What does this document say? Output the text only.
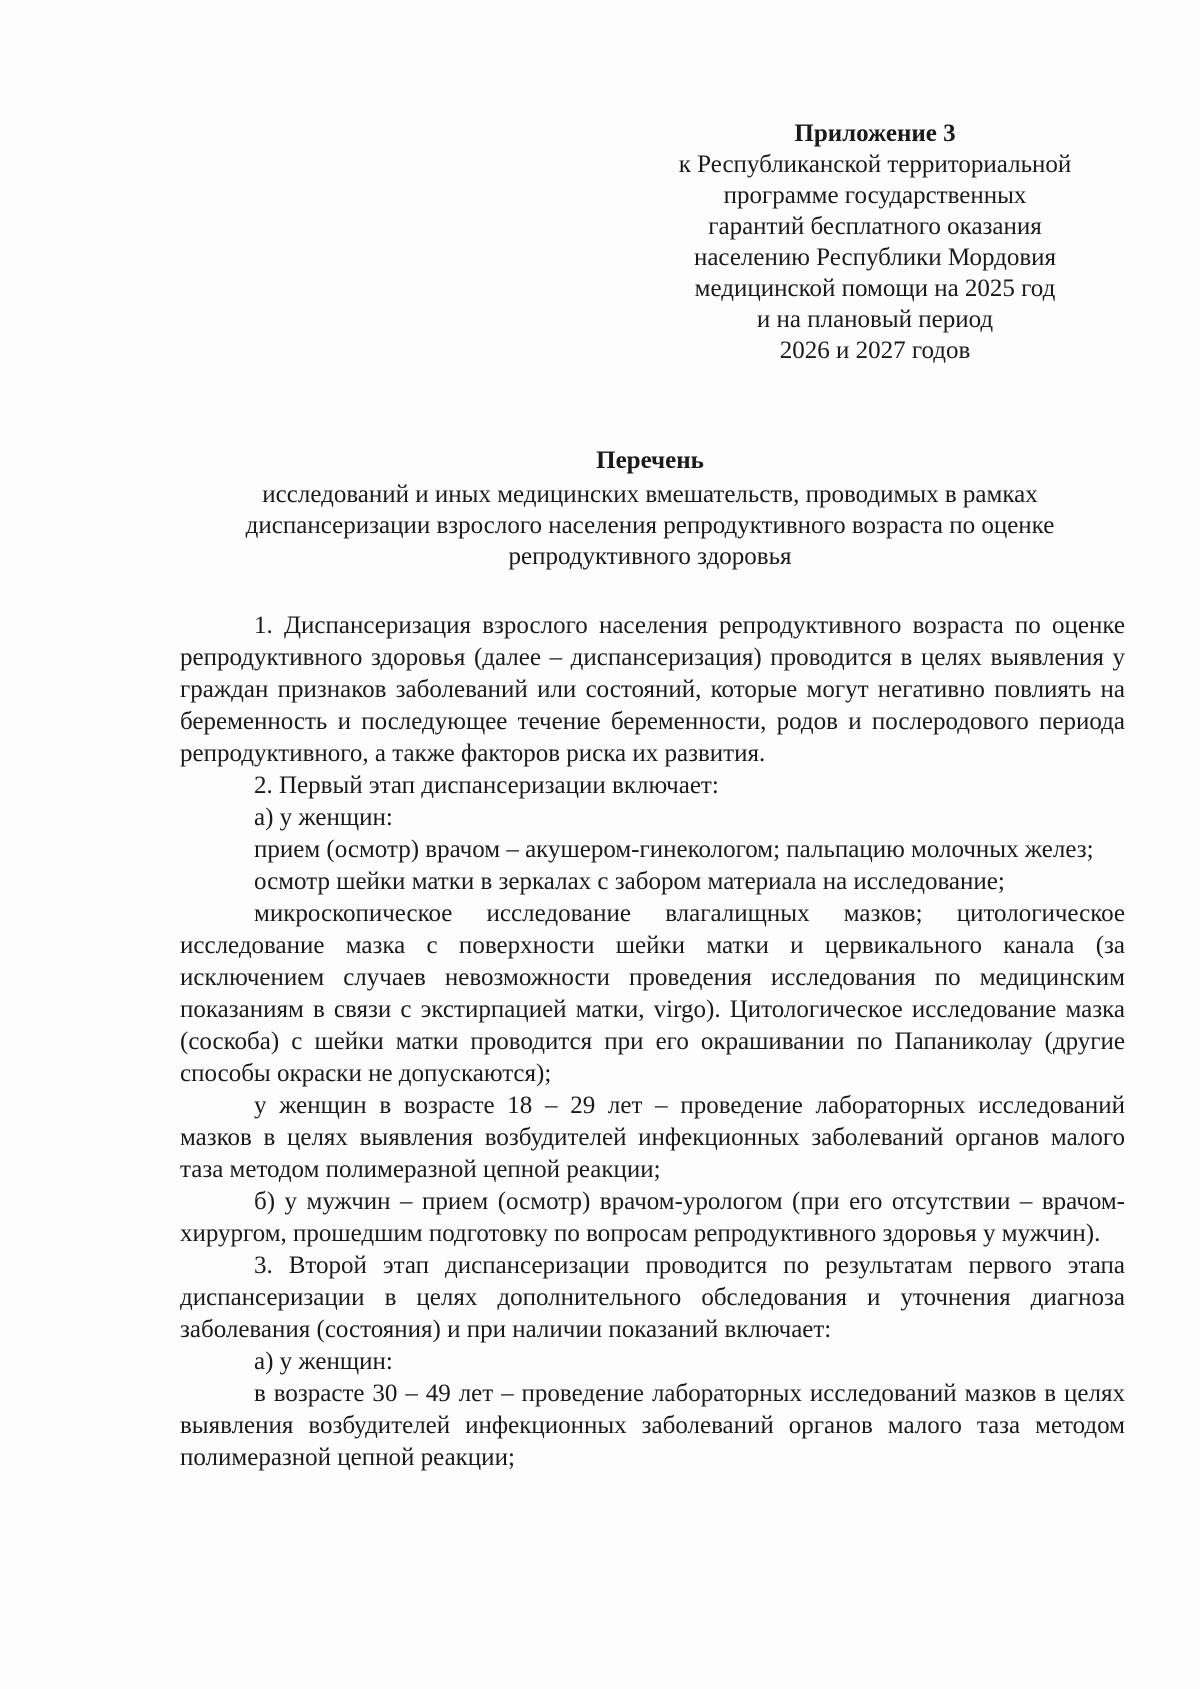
Приложение 3
к Республиканской территориальной
программе государственных
гарантий бесплатного оказания
населению Республики Мордовия
медицинской помощи на 2025 год
и на плановый период
2026 и 2027 годов
Перечень
исследований и иных медицинских вмешательств, проводимых в рамках
диспансеризации взрослого населения репродуктивного возраста по оценке
репродуктивного здоровья

1. Диспансеризация взрослого населения репродуктивного возраста по оценке репродуктивного здоровья (далее – диспансеризация) проводится в целях выявления у граждан признаков заболеваний или состояний, которые могут негативно повлиять на беременность и последующее течение беременности, родов и послеродового периода репродуктивного, а также факторов риска их развития.

2. Первый этап диспансеризации включает:

а) у женщин:

прием (осмотр) врачом – акушером-гинекологом; пальпацию молочных желез;

осмотр шейки матки в зеркалах с забором материала на исследование;

микроскопическое исследование влагалищных мазков; цитологическое исследование мазка с поверхности шейки матки и цервикального канала (за исключением случаев невозможности проведения исследования по медицинским показаниям в связи с экстирпацией матки, virgo). Цитологическое исследование мазка (соскоба) с шейки матки проводится при его окрашивании по Папаниколау (другие способы окраски не допускаются);

у женщин в возрасте 18 – 29 лет – проведение лабораторных исследований мазков в целях выявления возбудителей инфекционных заболеваний органов малого таза методом полимеразной цепной реакции;

б) у мужчин – прием (осмотр) врачом-урологом (при его отсутствии – врачом-хирургом, прошедшим подготовку по вопросам репродуктивного здоровья у мужчин).

3. Второй этап диспансеризации проводится по результатам первого этапа диспансеризации в целях дополнительного обследования и уточнения диагноза заболевания (состояния) и при наличии показаний включает:

а) у женщин:

в возрасте 30 – 49 лет – проведение лабораторных исследований мазков в целях выявления возбудителей инфекционных заболеваний органов малого таза методом полимеразной цепной реакции;
